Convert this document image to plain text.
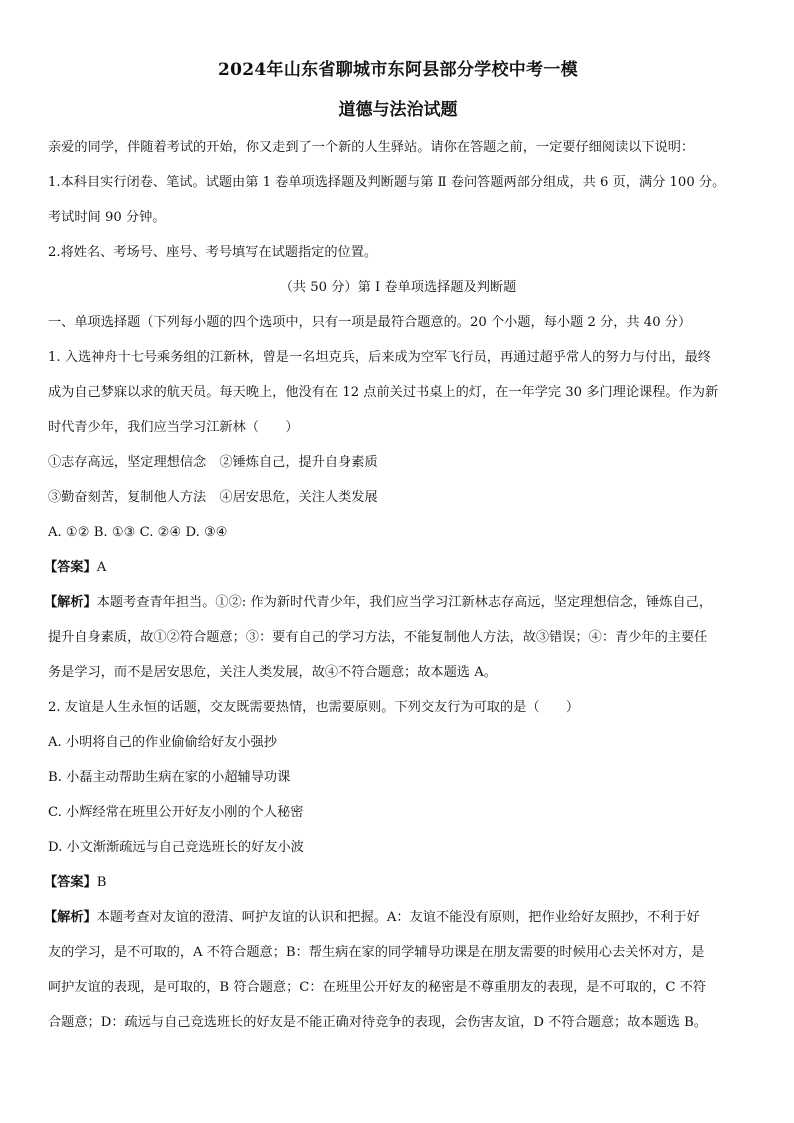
2024年山东省聊城市东阿县部分学校中考一模
道德与法治试题

亲爱的同学，伴随着考试的开始，你又走到了一个新的人生驿站。请你在答题之前，一定要仔细阅读以下说明：

1.本科目实行闭卷、笔试。试题由第 1 卷单项选择题及判断题与第 Ⅱ 卷问答题两部分组成，共 6 页，满分 100 分。

考试时间 90 分钟。

2.将姓名、考场号、座号、考号填写在试题指定的位置。

（共 50 分）第 I 卷单项选择题及判断题

一、单项选择题（下列每小题的四个选项中，只有一项是最符合题意的。20 个小题，每小题 2 分，共 40 分）

1. 入选神舟十七号乘务组的江新林，曾是一名坦克兵，后来成为空军飞行员，再通过超乎常人的努力与付出，最终

成为自己梦寐以求的航天员。每天晚上，他没有在 12 点前关过书桌上的灯，在一年学完 30 多门理论课程。作为新

时代青少年，我们应当学习江新林（　　）

①志存高远，坚定理想信念　②锤炼自己，提升自身素质

③勤奋刻苦，复制他人方法　④居安思危，关注人类发展

A. ①② B. ①③ C. ②④ D. ③④

【答案】A

【解析】本题考查青年担当。①②: 作为新时代青少年，我们应当学习江新林志存高远，坚定理想信念，锤炼自己，

提升自身素质，故①②符合题意；③：要有自己的学习方法，不能复制他人方法，故③错误；④：青少年的主要任

务是学习，而不是居安思危，关注人类发展，故④不符合题意；故本题选 A。

2. 友谊是人生永恒的话题，交友既需要热情，也需要原则。下列交友行为可取的是（　　）

A. 小明将自己的作业偷偷给好友小强抄

B. 小磊主动帮助生病在家的小超辅导功课

C. 小辉经常在班里公开好友小刚的个人秘密

D. 小文渐渐疏远与自己竞选班长的好友小波

【答案】B

【解析】本题考查对友谊的澄清、呵护友谊的认识和把握。A：友谊不能没有原则，把作业给好友照抄，不利于好

友的学习，是不可取的，A 不符合题意；B：帮生病在家的同学辅导功课是在朋友需要的时候用心去关怀对方，是

呵护友谊的表现，是可取的，B 符合题意；C：在班里公开好友的秘密是不尊重朋友的表现，是不可取的，C 不符

合题意；D：疏远与自己竞选班长的好友是不能正确对待竞争的表现，会伤害友谊，D 不符合题意；故本题选 B。
